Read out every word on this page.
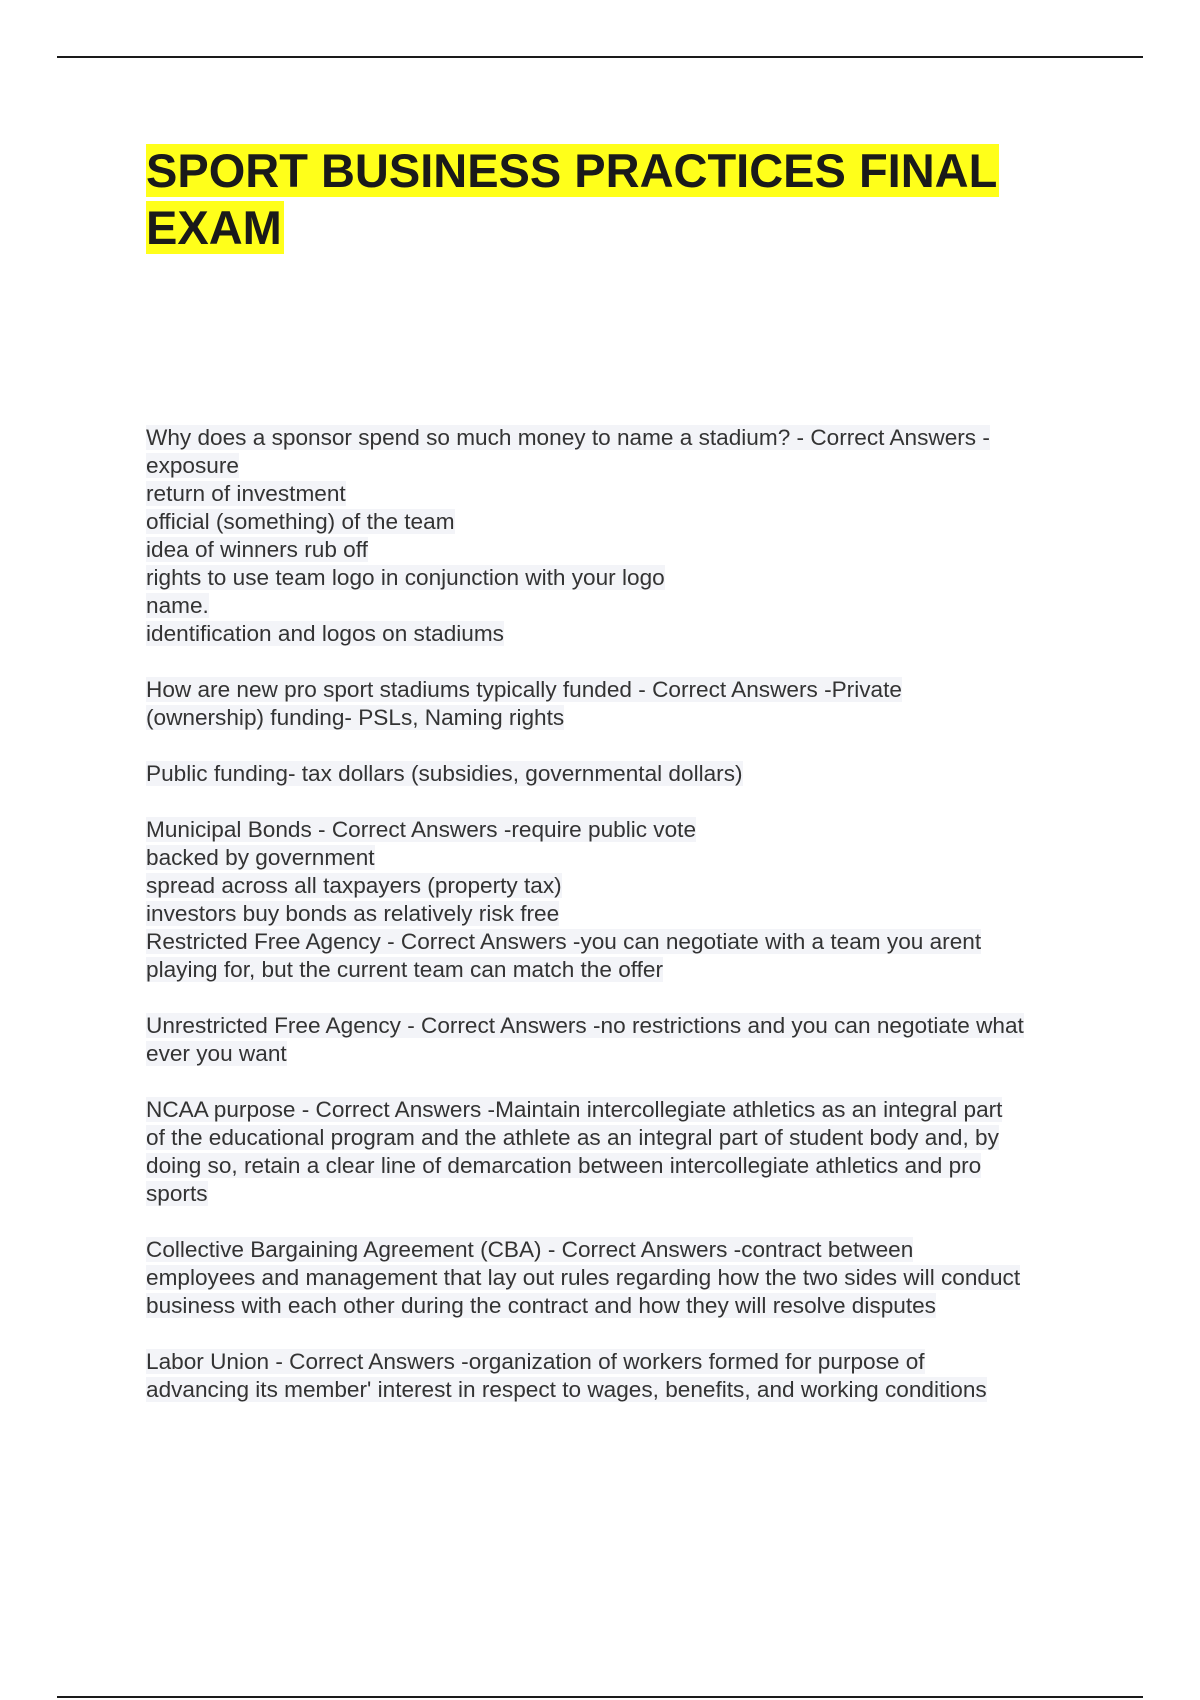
SPORT BUSINESS PRACTICES FINAL
EXAM
Why does a sponsor spend so much money to name a stadium? - Correct Answers -
exposure
return of investment
official (something) of the team
idea of winners rub off
rights to use team logo in conjunction with your logo
name.
identification and logos on stadiums
How are new pro sport stadiums typically funded - Correct Answers -Private
(ownership) funding- PSLs, Naming rights
Public funding- tax dollars (subsidies, governmental dollars)
Municipal Bonds - Correct Answers -require public vote
backed by government
spread across all taxpayers (property tax)
investors buy bonds as relatively risk free
Restricted Free Agency - Correct Answers -you can negotiate with a team you arent
playing for, but the current team can match the offer
Unrestricted Free Agency - Correct Answers -no restrictions and you can negotiate what
ever you want
NCAA purpose - Correct Answers -Maintain intercollegiate athletics as an integral part
of the educational program and the athlete as an integral part of student body and, by
doing so, retain a clear line of demarcation between intercollegiate athletics and pro
sports
Collective Bargaining Agreement (CBA) - Correct Answers -contract between
employees and management that lay out rules regarding how the two sides will conduct
business with each other during the contract and how they will resolve disputes
Labor Union - Correct Answers -organization of workers formed for purpose of
advancing its member' interest in respect to wages, benefits, and working conditions
